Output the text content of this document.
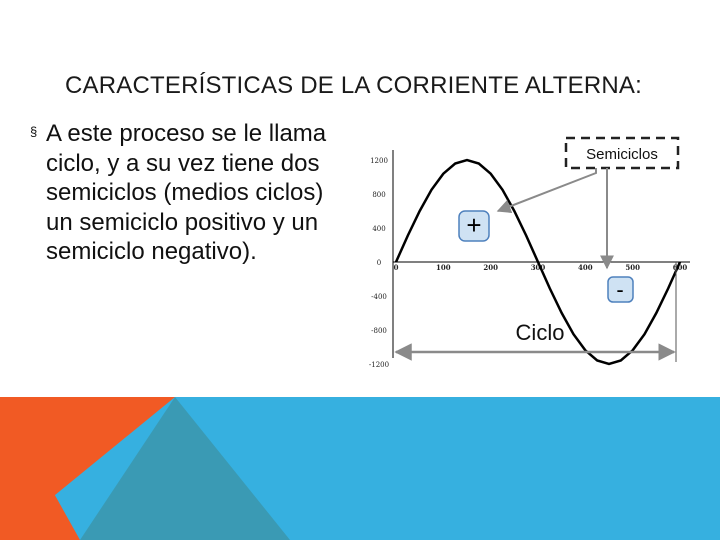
CARACTERÍSTICAS DE LA CORRIENTE ALTERNA:
§ A este proceso se le llama ciclo, y a su vez tiene dos semiciclos (medios ciclos) un semiciclo positivo y un semiciclo negativo).
1200
800
400
0
-400
-800
-1200
0	100	200	300	400	500	600
Semiciclos
+
-
Ciclo
